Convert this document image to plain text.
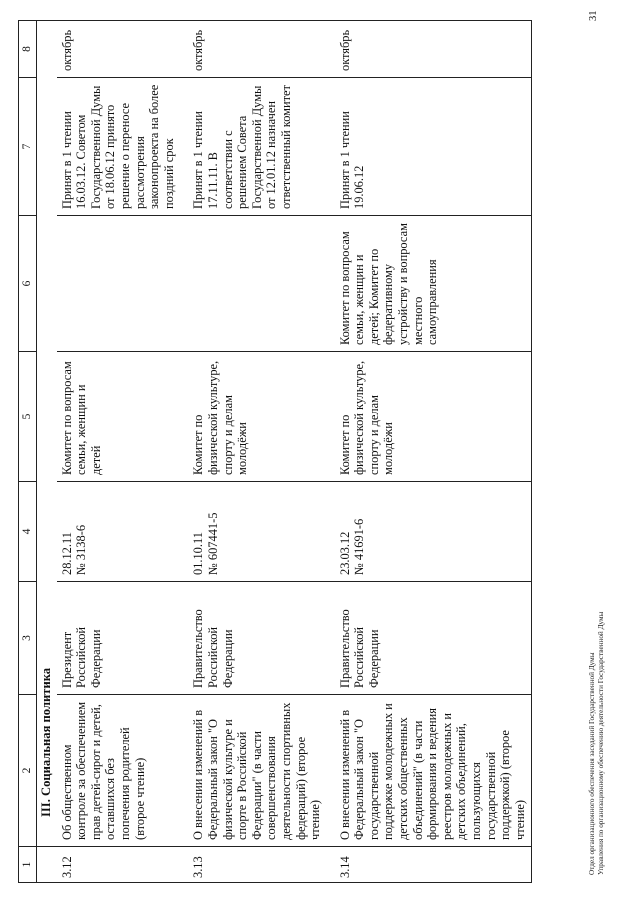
1	2	3	4	5	6	7	8
	III. Социальная политика						
3.12	Об общественном контроле за обеспечением прав детей-сирот и детей, оставшихся без попечения родителей (второе чтение)	Президент Российской Федерации	28.12.11 № 3138-6	Комитет по вопросам семьи, женщин и детей		Принят в 1 чтении 16.03.12. Советом Государственной Думы от 18.06.12 принято решение о переносе рассмотрения законопроекта на более поздний срок	октябрь

3.13	О внесении изменений в Федеральный закон "О физической культуре и спорте в Российской Федерации" (в части совершенствования деятельности спортивных федераций) (второе чтение)	Правительство Российской Федерации	01.10.11 № 607441-5	Комитет по физической культуре, спорту и делам молодёжи		Принят в 1 чтении 17.11.11. В соответствии с решением Совета Государственной Думы от 12.01.12 назначен ответственный комитет	октябрь

3.14	О внесении изменений в Федеральный закон "О государственной поддержке молодежных и детских общественных объединений" (в части формирования и ведения реестров молодежных и детских объединений, пользующихся государственной поддержкой) (второе чтение)	Правительство Российской Федерации	23.03.12 № 41691-6	Комитет по физической культуре, спорту и делам молодёжи	Комитет по вопросам семьи, женщин и детей; Комитет по федеративному устройству и вопросам местного самоуправления	Принят в 1 чтении 19.06.12	октябрь
Отдел организационного обеспечения заседаний Государственной Думы Управления по организационному обеспечению деятельности Государственной Думы
31
